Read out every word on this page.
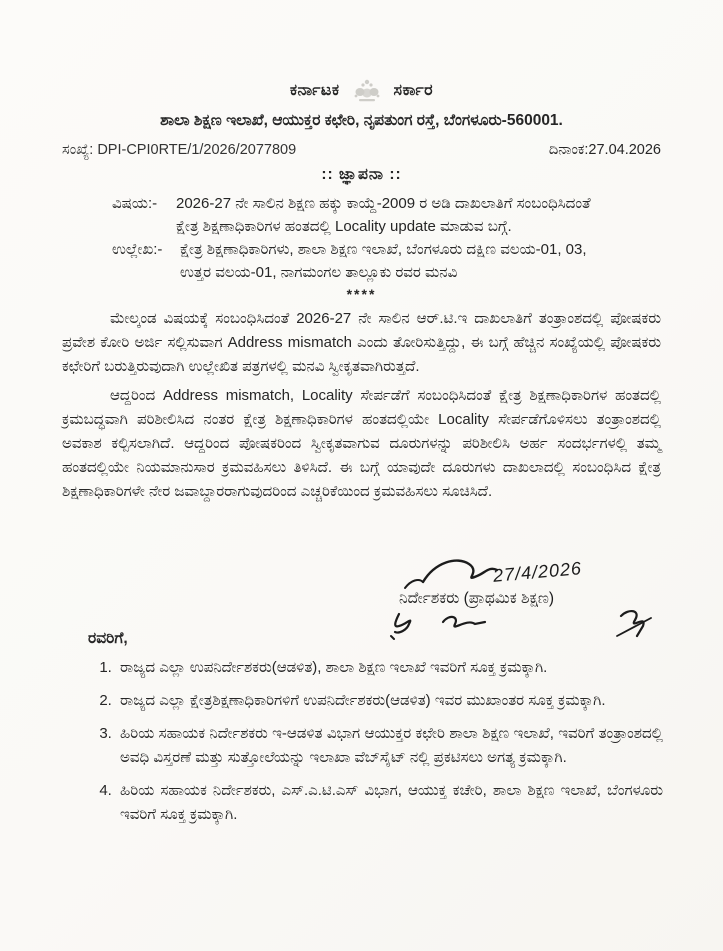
ಕರ್ನಾಟಕ	ಸರ್ಕಾರ
ಶಾಲಾ ಶಿಕ್ಷಣ ಇಲಾಖೆ, ಆಯುಕ್ತರ ಕಛೇರಿ, ನೃಪತುಂಗ ರಸ್ತೆ, ಬೆಂಗಳೂರು-560001.
ಸಂಖ್ಯೆ: DPI-CPI0RTE/1/2026/2077809	ದಿನಾಂಕ:27.04.2026
:: ಜ್ಞಾಪನಾ ::
ವಿಷಯ:-	2026-27 ನೇ ಸಾಲಿನ ಶಿಕ್ಷಣ ಹಕ್ಕು ಕಾಯ್ದೆ-2009 ರ ಅಡಿ ದಾಖಲಾತಿಗೆ ಸಂಬಂಧಿಸಿದಂತೆ ಕ್ಷೇತ್ರ ಶಿಕ್ಷಣಾಧಿಕಾರಿಗಳ ಹಂತದಲ್ಲಿ Locality update ಮಾಡುವ ಬಗ್ಗೆ.
ಉಲ್ಲೇಖ:-	ಕ್ಷೇತ್ರ ಶಿಕ್ಷಣಾಧಿಕಾರಿಗಳು, ಶಾಲಾ ಶಿಕ್ಷಣ ಇಲಾಖೆ, ಬೆಂಗಳೂರು ದಕ್ಷಿಣ ವಲಯ-01, 03, ಉತ್ತರ ವಲಯ-01, ನಾಗಮಂಗಲ ತಾಲ್ಲೂಕು ರವರ ಮನವಿ
****

ಮೇಲ್ಕಂಡ ವಿಷಯಕ್ಕೆ ಸಂಬಂಧಿಸಿದಂತೆ 2026-27 ನೇ ಸಾಲಿನ ಆರ್.ಟಿ.ಇ ದಾಖಲಾತಿಗೆ ತಂತ್ರಾಂಶದಲ್ಲಿ ಪೋಷಕರು ಪ್ರವೇಶ ಕೋರಿ ಅರ್ಜಿ ಸಲ್ಲಿಸುವಾಗ Address mismatch ಎಂದು ತೋರಿಸುತ್ತಿದ್ದು, ಈ ಬಗ್ಗೆ ಹೆಚ್ಚಿನ ಸಂಖ್ಯೆಯಲ್ಲಿ ಪೋಷಕರು ಕಛೇರಿಗೆ ಬರುತ್ತಿರುವುದಾಗಿ ಉಲ್ಲೇಖಿತ ಪತ್ರಗಳಲ್ಲಿ ಮನವಿ ಸ್ವೀಕೃತವಾಗಿರುತ್ತದೆ.

ಆದ್ದರಿಂದ Address mismatch, Locality ಸೇರ್ಪಡೆಗೆ ಸಂಬಂಧಿಸಿದಂತೆ ಕ್ಷೇತ್ರ ಶಿಕ್ಷಣಾಧಿಕಾರಿಗಳ ಹಂತದಲ್ಲಿ ಕ್ರಮಬದ್ಧವಾಗಿ ಪರಿಶೀಲಿಸಿದ ನಂತರ ಕ್ಷೇತ್ರ ಶಿಕ್ಷಣಾಧಿಕಾರಿಗಳ ಹಂತದಲ್ಲಿಯೇ Locality ಸೇರ್ಪಡೆಗೊಳಿಸಲು ತಂತ್ರಾಂಶದಲ್ಲಿ ಅವಕಾಶ ಕಲ್ಪಿಸಲಾಗಿದೆ. ಆದ್ದರಿಂದ ಪೋಷಕರಿಂದ ಸ್ವೀಕೃತವಾಗುವ ದೂರುಗಳನ್ನು ಪರಿಶೀಲಿಸಿ ಅರ್ಹ ಸಂದರ್ಭಗಳಲ್ಲಿ ತಮ್ಮ ಹಂತದಲ್ಲಿಯೇ ನಿಯಮಾನುಸಾರ ಕ್ರಮವಹಿಸಲು ತಿಳಿಸಿದೆ. ಈ ಬಗ್ಗೆ ಯಾವುದೇ ದೂರುಗಳು ದಾಖಲಾದಲ್ಲಿ ಸಂಬಂಧಿಸಿದ ಕ್ಷೇತ್ರ ಶಿಕ್ಷಣಾಧಿಕಾರಿಗಳೇ ನೇರ ಜವಾಬ್ದಾರರಾಗುವುದರಿಂದ ಎಚ್ಚರಿಕೆಯಿಂದ ಕ್ರಮವಹಿಸಲು ಸೂಚಿಸಿದೆ.

27/4/2026
ನಿರ್ದೇಶಕರು (ಪ್ರಾಥಮಿಕ ಶಿಕ್ಷಣ)
ರವರಿಗೆ,
1. ರಾಜ್ಯದ ಎಲ್ಲಾ ಉಪನಿರ್ದೇಶಕರು(ಆಡಳಿತ), ಶಾಲಾ ಶಿಕ್ಷಣ ಇಲಾಖೆ ಇವರಿಗೆ ಸೂಕ್ತ ಕ್ರಮಕ್ಕಾಗಿ.
2. ರಾಜ್ಯದ ಎಲ್ಲಾ ಕ್ಷೇತ್ರಶಿಕ್ಷಣಾಧಿಕಾರಿಗಳಿಗೆ ಉಪನಿರ್ದೇಶಕರು(ಆಡಳಿತ) ಇವರ ಮುಖಾಂತರ ಸೂಕ್ತ ಕ್ರಮಕ್ಕಾಗಿ.
3. ಹಿರಿಯ ಸಹಾಯಕ ನಿರ್ದೇಶಕರು ಇ-ಆಡಳಿತ ವಿಭಾಗ ಆಯುಕ್ತರ ಕಛೇರಿ ಶಾಲಾ ಶಿಕ್ಷಣ ಇಲಾಖೆ, ಇವರಿಗೆ ತಂತ್ರಾಂಶದಲ್ಲಿ ಅವಧಿ ವಿಸ್ತರಣೆ ಮತ್ತು ಸುತ್ತೋಲೆಯನ್ನು ಇಲಾಖಾ ವೆಬ್‌ಸೈಟ್ ನಲ್ಲಿ ಪ್ರಕಟಿಸಲು ಅಗತ್ಯ ಕ್ರಮಕ್ಕಾಗಿ.
4. ಹಿರಿಯ ಸಹಾಯಕ ನಿರ್ದೇಶಕರು, ಎಸ್.ಎ.ಟಿ.ಎಸ್ ವಿಭಾಗ, ಆಯುಕ್ತ ಕಚೇರಿ, ಶಾಲಾ ಶಿಕ್ಷಣ ಇಲಾಖೆ, ಬೆಂಗಳೂರು ಇವರಿಗೆ ಸೂಕ್ತ ಕ್ರಮಕ್ಕಾಗಿ.
